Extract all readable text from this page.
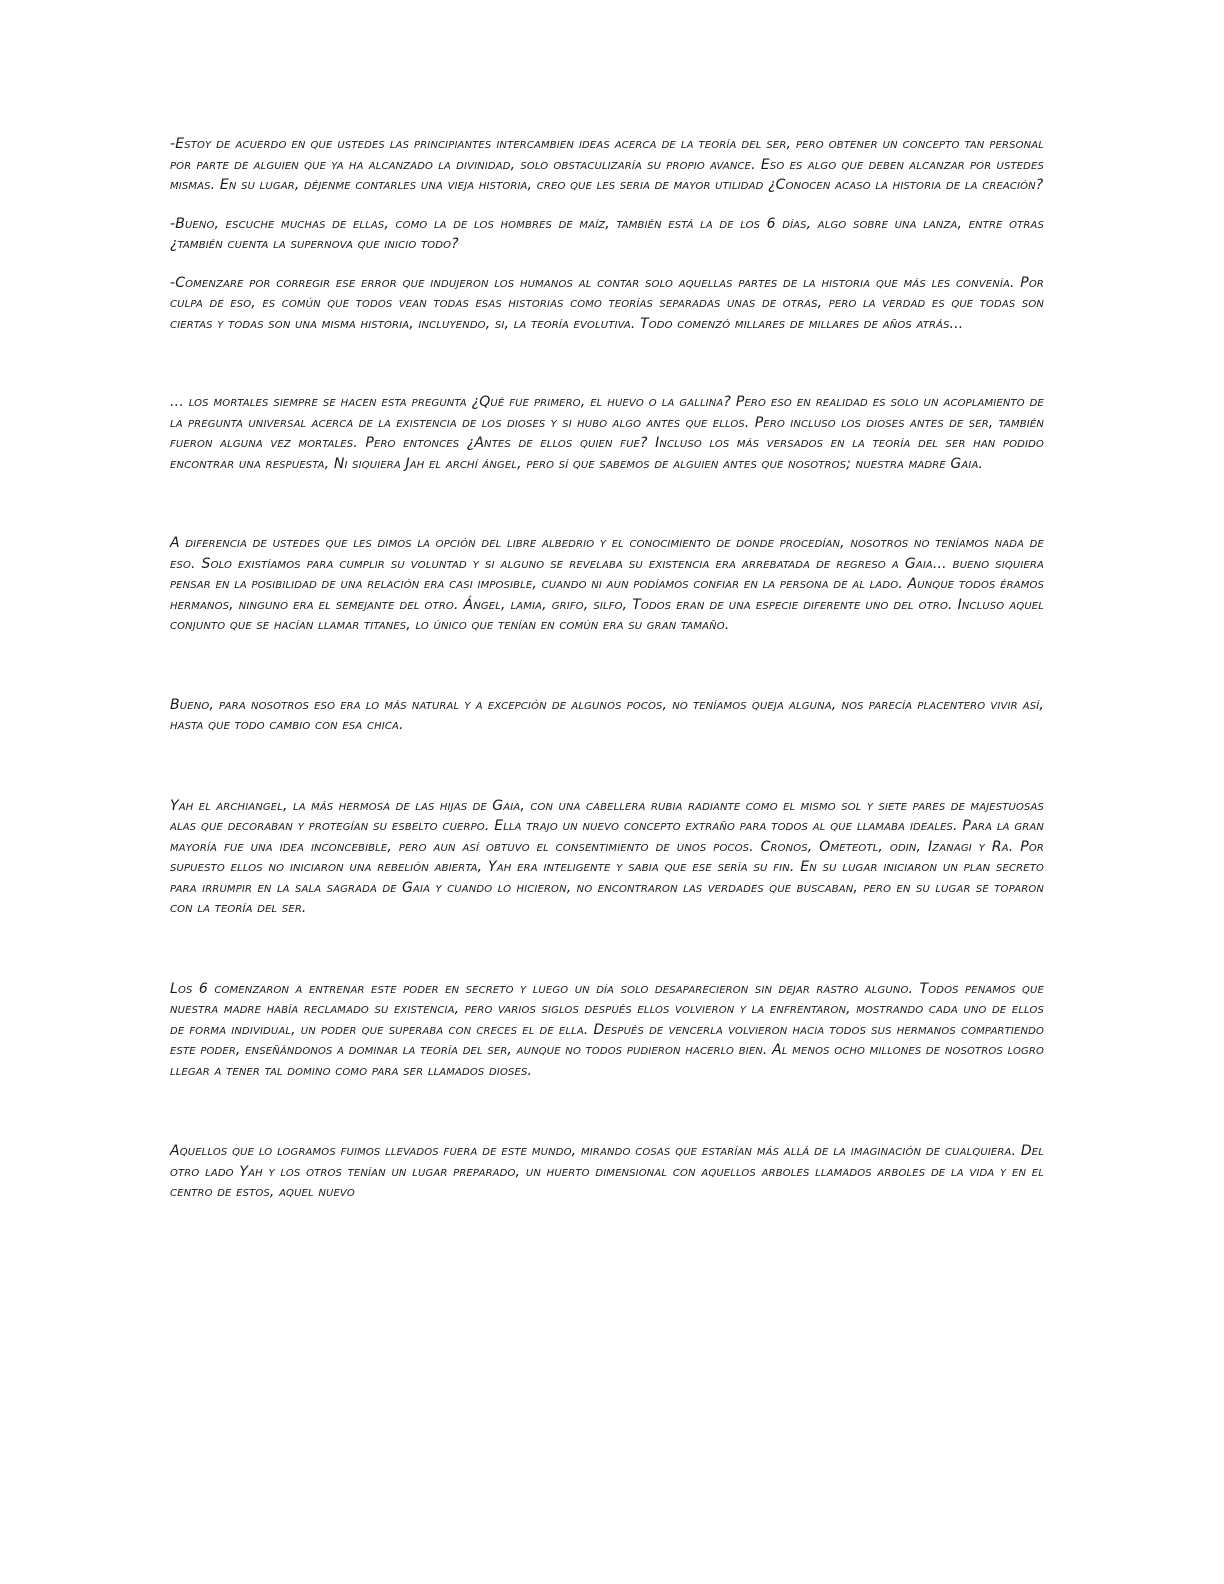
-Estoy de acuerdo en que ustedes las principiantes intercambien ideas acerca de la teoría del ser, pero obtener un concepto tan personal por parte de alguien que ya ha alcanzado la divinidad, solo obstaculizaría su propio avance. Eso es algo que deben alcanzar por ustedes mismas. En su lugar, déjenme contarles una vieja historia, creo que les seria de mayor utilidad ¿Conocen acaso la historia de la creación?

-Bueno, escuche muchas de ellas, como la de los hombres de maíz, también está la de los 6 días, algo sobre una lanza, entre otras ¿también cuenta la supernova que inicio todo?

-Comenzare por corregir ese error que indujeron los humanos al contar solo aquellas partes de la historia que más les convenía. Por culpa de eso, es común que todos vean todas esas historias como teorías separadas unas de otras, pero la verdad es que todas son ciertas y todas son una misma historia, incluyendo, si, la teoría evolutiva. Todo comenzó millares de millares de años atrás...

... los mortales siempre se hacen esta pregunta ¿Qué fue primero, el huevo o la gallina? Pero eso en realidad es solo un acoplamiento de la pregunta universal acerca de la existencia de los dioses y si hubo algo antes que ellos. Pero incluso los dioses antes de ser, también fueron alguna vez mortales. Pero entonces ¿Antes de ellos quien fue? Incluso los más versados en la teoría del ser han podido encontrar una respuesta, Ni siquiera Jah el archí ángel, pero sí que sabemos de alguien antes que nosotros; nuestra madre Gaia.

A diferencia de ustedes que les dimos la opción del libre albedrio y el conocimiento de donde procedían, nosotros no teníamos nada de eso. Solo existíamos para cumplir su voluntad y si alguno se revelaba su existencia era arrebatada de regreso a Gaia... bueno siquiera pensar en la posibilidad de una relación era casi imposible, cuando ni aun podíamos confiar en la persona de al lado. Aunque todos éramos hermanos, ninguno era el semejante del otro. Ángel, lamia, grifo, silfo, Todos eran de una especie diferente uno del otro. Incluso aquel conjunto que se hacían llamar titanes, lo único que tenían en común era su gran tamaño.

Bueno, para nosotros eso era lo más natural y a excepción de algunos pocos, no teníamos queja alguna, nos parecía placentero vivir así, hasta que todo cambio con esa chica.

Yah el archiangel, la más hermosa de las hijas de Gaia, con una cabellera rubia radiante como el mismo sol y siete pares de majestuosas alas que decoraban y protegían su esbelto cuerpo. Ella trajo un nuevo concepto extraño para todos al que llamaba ideales. Para la gran mayoría fue una idea inconcebible, pero aun así obtuvo el consentimiento de unos pocos. Cronos, Ometeotl, odin, Izanagi y Ra. Por supuesto ellos no iniciaron una rebelión abierta, Yah era inteligente y sabia que ese sería su fin. En su lugar iniciaron un plan secreto para irrumpir en la sala sagrada de Gaia y cuando lo hicieron, no encontraron las verdades que buscaban, pero en su lugar se toparon con la teoría del ser.

Los 6 comenzaron a entrenar este poder en secreto y luego un día solo desaparecieron sin dejar rastro alguno. Todos penamos que nuestra madre había reclamado su existencia, pero varios siglos después ellos volvieron y la enfrentaron, mostrando cada uno de ellos de forma individual, un poder que superaba con creces el de ella. Después de vencerla volvieron hacia todos sus hermanos compartiendo este poder, enseñándonos a dominar la teoría del ser, aunque no todos pudieron hacerlo bien. Al menos ocho millones de nosotros logro llegar a tener tal domino como para ser llamados dioses.

Aquellos que lo logramos fuimos llevados fuera de este mundo, mirando cosas que estarían más allá de la imaginación de cualquiera. Del otro lado Yah y los otros tenían un lugar preparado, un huerto dimensional con aquellos arboles llamados arboles de la vida y en el centro de estos, aquel nuevo
